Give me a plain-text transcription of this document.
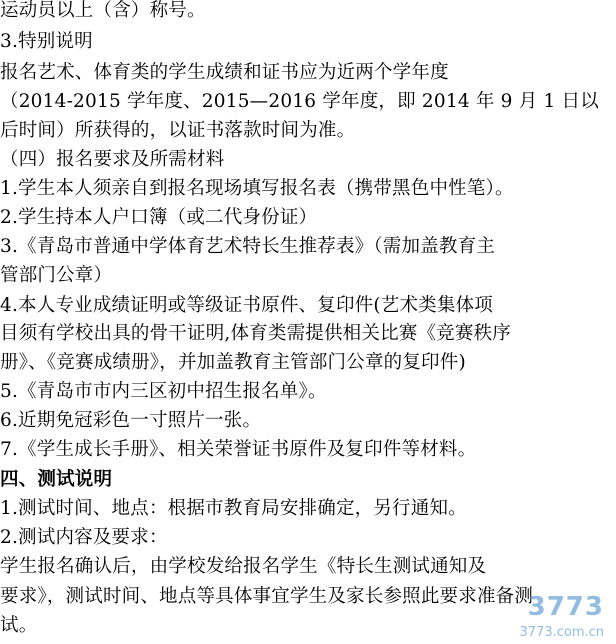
运动员以上（含）称号。
3.特别说明
报名艺术、体育类的学生成绩和证书应为近两个学年度
（2014-2015 学年度、2015—2016 学年度，即 2014 年 9 月 1 日以
后时间）所获得的，以证书落款时间为准。
（四）报名要求及所需材料
1.学生本人须亲自到报名现场填写报名表（携带黑色中性笔）。
2.学生持本人户口簿（或二代身份证）
3.《青岛市普通中学体育艺术特长生推荐表》（需加盖教育主
管部门公章）
4.本人专业成绩证明或等级证书原件、复印件(艺术类集体项
目须有学校出具的骨干证明,体育类需提供相关比赛《竞赛秩序
册》、《竞赛成绩册》，并加盖教育主管部门公章的复印件)
5.《青岛市市内三区初中招生报名单》。
6.近期免冠彩色一寸照片一张。
7.《学生成长手册》、相关荣誉证书原件及复印件等材料。
四、测试说明
1.测试时间、地点：根据市教育局安排确定，另行通知。
2.测试内容及要求：
学生报名确认后，由学校发给报名学生《特长生测试通知及
要求》，测试时间、地点等具体事宜学生及家长参照此要求准备测
试。
3773
3773.com.cn
